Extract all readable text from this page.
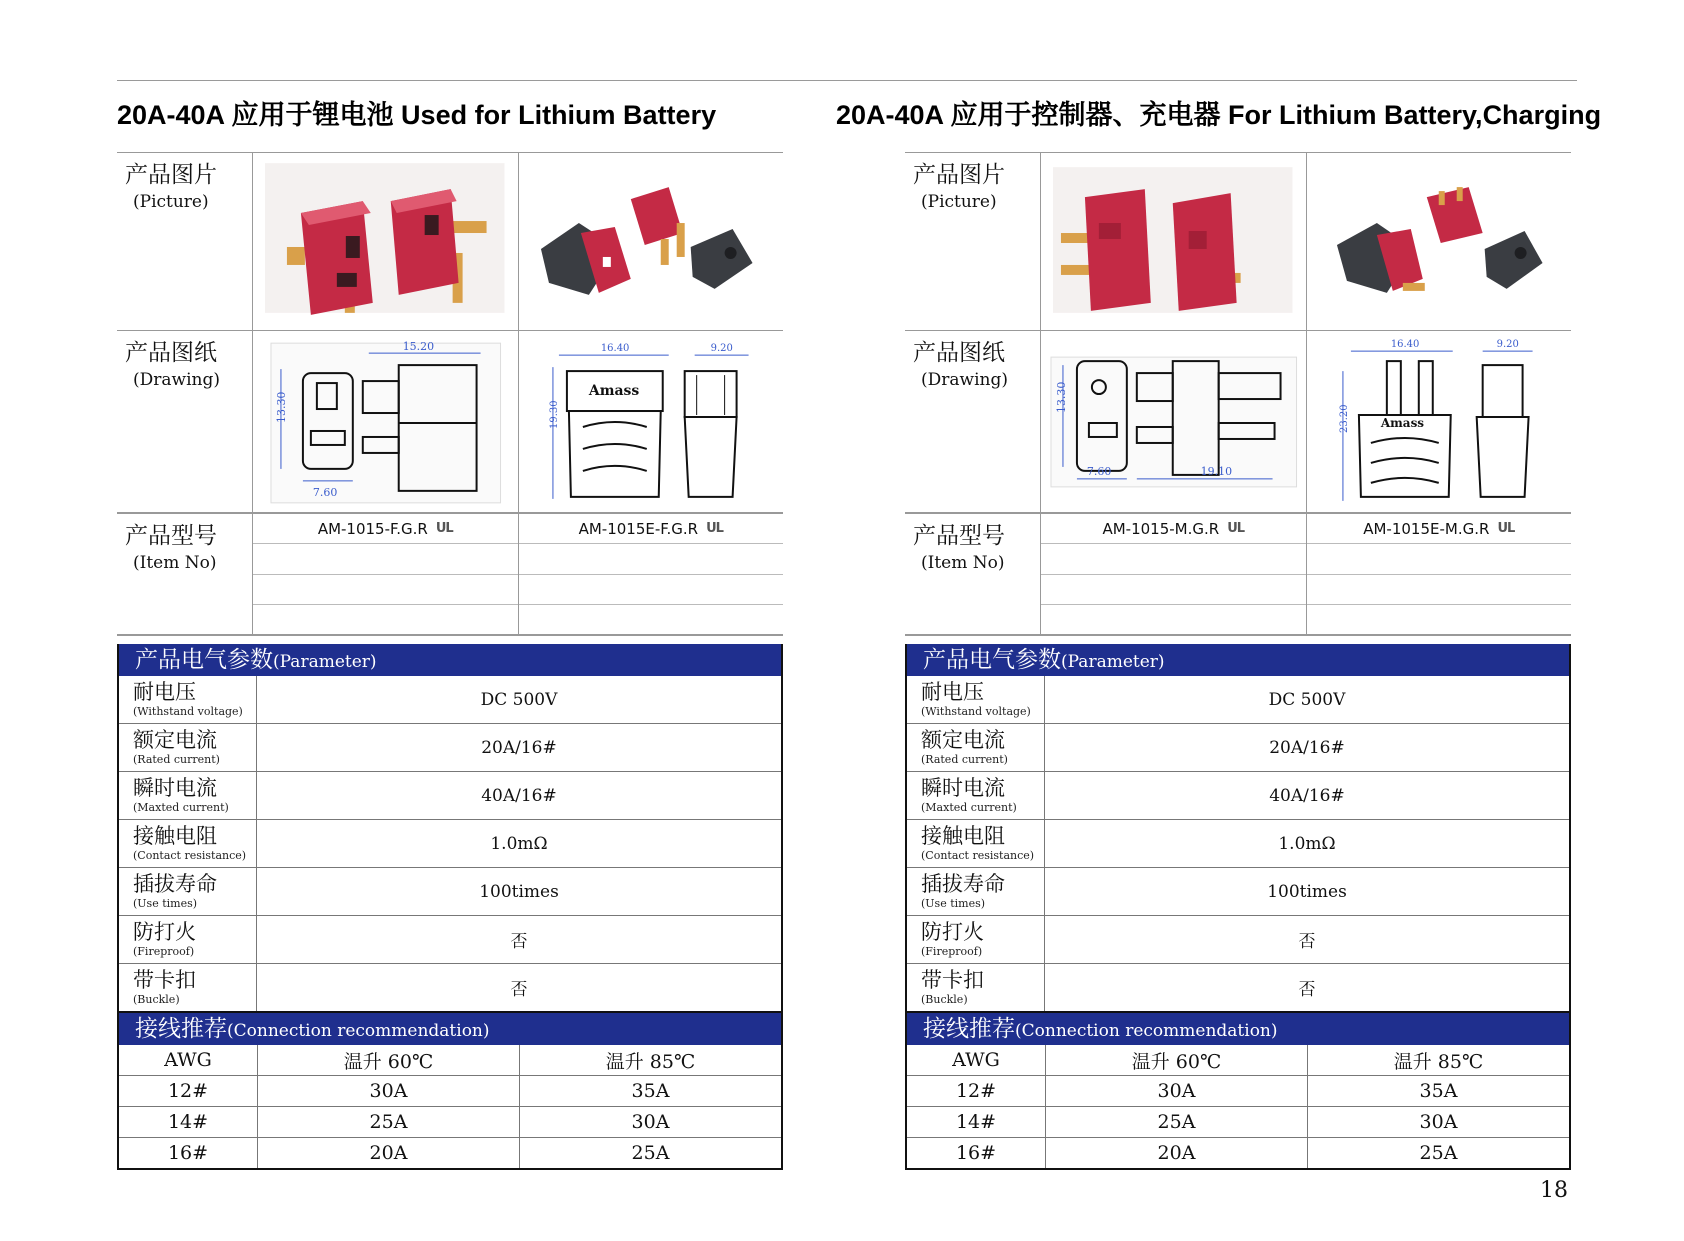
20A-40A 应用于锂电池 Used for Lithium Battery
产品图片
(Picture)
产品图纸
(Drawing)
13.30
7.60
15.20	16.40	9.20
19.30
Amass
产品型号
(Item No)
AM-1015-F.G.R UL	AM-1015E-F.G.R UL
产品电气参数(Parameter)
耐电压
(Withstand voltage)
DC 500V
额定电流
(Rated current)
20A/16#
瞬时电流
(Maxted current)
40A/16#
接触电阻
(Contact resistance)
1.0mΩ
插拔寿命
(Use times)
100times
防打火
(Fireproof)	否
带卡扣
(Buckle)	否
接线推荐(Connection recommendation)
AWG	温升 60℃	温升 85℃
12#	30A	35A
14#	25A	30A
16#	20A	25A
20A-40A 应用于控制器、充电器 For Lithium Battery,Charging
产品图片
(Picture)
产品图纸
(Drawing)
13.30
7.60	19.10
16.40	9.20
23.20	Amass
产品型号
(Item No)
AM-1015-M.G.R UL	AM-1015E-M.G.R UL
产品电气参数(Parameter)
耐电压
(Withstand voltage)
DC 500V
额定电流
(Rated current)
20A/16#
瞬时电流
(Maxted current)
40A/16#
接触电阻
(Contact resistance)
1.0mΩ
插拔寿命
(Use times)
100times
防打火
(Fireproof)	否
带卡扣
(Buckle)	否
接线推荐(Connection recommendation)
AWG	温升 60℃	温升 85℃
12#	30A	35A
14#	25A	30A
16#	20A	25A
18
